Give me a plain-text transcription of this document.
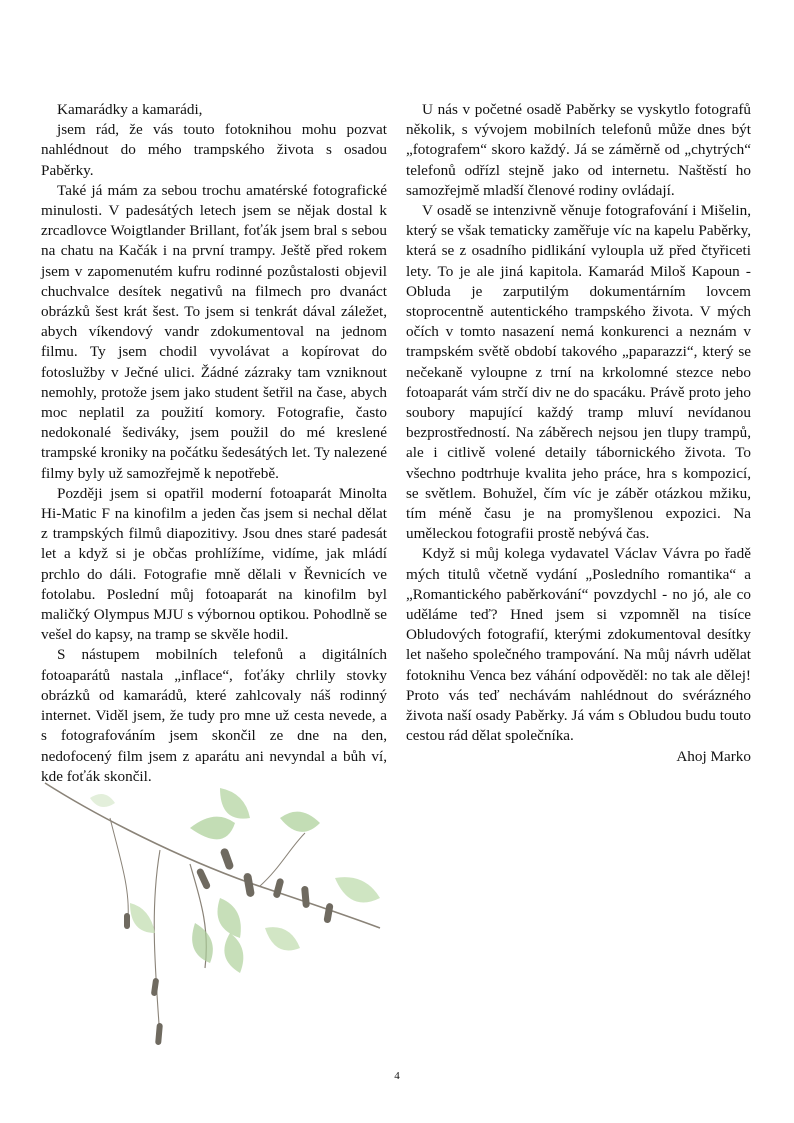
Kamarádky a kamarádi,

jsem rád, že vás touto fotoknihou mohu pozvat nahlédnout do mého trampského života s osadou Paběrky.

Také já mám za sebou trochu amatérské fotografické minulosti. V padesátých letech jsem se nějak dostal k zrcadlovce Woigtlander Brillant, foťák jsem bral s sebou na chatu na Kačák i na první trampy. Ještě před rokem jsem v zapomenutém kufru rodinné pozůstalosti objevil chuchvalce desítek negativů na filmech pro dvanáct obrázků šest krát šest. To jsem si tenkrát dával záležet, abych víkendový vandr zdokumentoval na jednom filmu. Ty jsem chodil vyvolávat a kopírovat do fotoslužby v Ječné ulici. Žádné zázraky tam vzniknout nemohly, protože jsem jako student šetřil na čase, abych moc neplatil za použití komory. Fotografie, často nedokonalé šediváky, jsem použil do mé kreslené trampské kroniky na počátku šedesátých let. Ty nalezené filmy byly už samozřejmě k nepotřebě.

Později jsem si opatřil moderní fotoaparát Minolta Hi-Matic F na kinofilm a jeden čas jsem si nechal dělat z trampských filmů diapozitivy. Jsou dnes staré padesát let a když si je občas prohlížíme, vidíme, jak mládí prchlo do dáli. Fotografie mně dělali v Řevnicích ve fotolabu. Poslední můj fotoaparát na kinofilm byl maličký Olympus MJU s výbornou optikou. Pohodlně se vešel do kapsy, na tramp se skvěle hodil.

S nástupem mobilních telefonů a digitálních fotoaparátů nastala „inflace“, foťáky chrlily stovky obrázků od kamarádů, které zahlcovaly náš rodinný internet. Viděl jsem, že tudy pro mne už cesta nevede, a s fotografováním jsem skončil ze dne na den, nedofocený film jsem z aparátu ani nevyndal a bůh ví, kde foťák skončil.

U nás v početné osadě Paběrky se vyskytlo fotografů několik, s vývojem mobilních telefonů může dnes být „fotografem“ skoro každý. Já se záměrně od „chytrých“ telefonů odřízl stejně jako od internetu. Naštěstí ho samozřejmě mladší členové rodiny ovládají.

V osadě se intenzivně věnuje fotografování i Mišelin, který se však tematicky zaměřuje víc na kapelu Paběrky, která se z osadního pidlikání vyloupla už před čtyřiceti lety. To je ale jiná kapitola. Kamarád Miloš Kapoun - Obluda je zarputilým dokumentárním lovcem stoprocentně autentického trampského života. V mých očích v tomto nasazení nemá konkurenci a neznám v trampském světě období takového „paparazzi“, který se nečekaně vyloupne z trní na krkolomné stezce nebo fotoaparát vám strčí div ne do spacáku. Právě proto jeho soubory mapující každý tramp mluví nevídanou bezprostředností. Na záběrech nejsou jen tlupy trampů, ale i citlivě volené detaily tábornického života. To všechno podtrhuje kvalita jeho práce, hra s kompozicí, se světlem. Bohužel, čím víc je záběr otázkou mžiku, tím méně času je na promyšlenou expozici. Na uměleckou fotografii prostě nebývá čas.

Když si můj kolega vydavatel Václav Vávra po řadě mých titulů včetně vydání „Posledního romantika“ a „Romantického paběrkování“ povzdychl - no jó, ale co uděláme teď? Hned jsem si vzpomněl na tisíce Obludových fotografií, kterými zdokumentoval desítky let našeho společného trampování. Na můj návrh udělat fotoknihu Venca bez váhání odpověděl: no tak ale dělej! Proto vás teď nechávám nahlédnout do svérázného života naší osady Paběrky. Já vám s Obludou budu touto cestou rád dělat společníka.

Ahoj Marko

4
